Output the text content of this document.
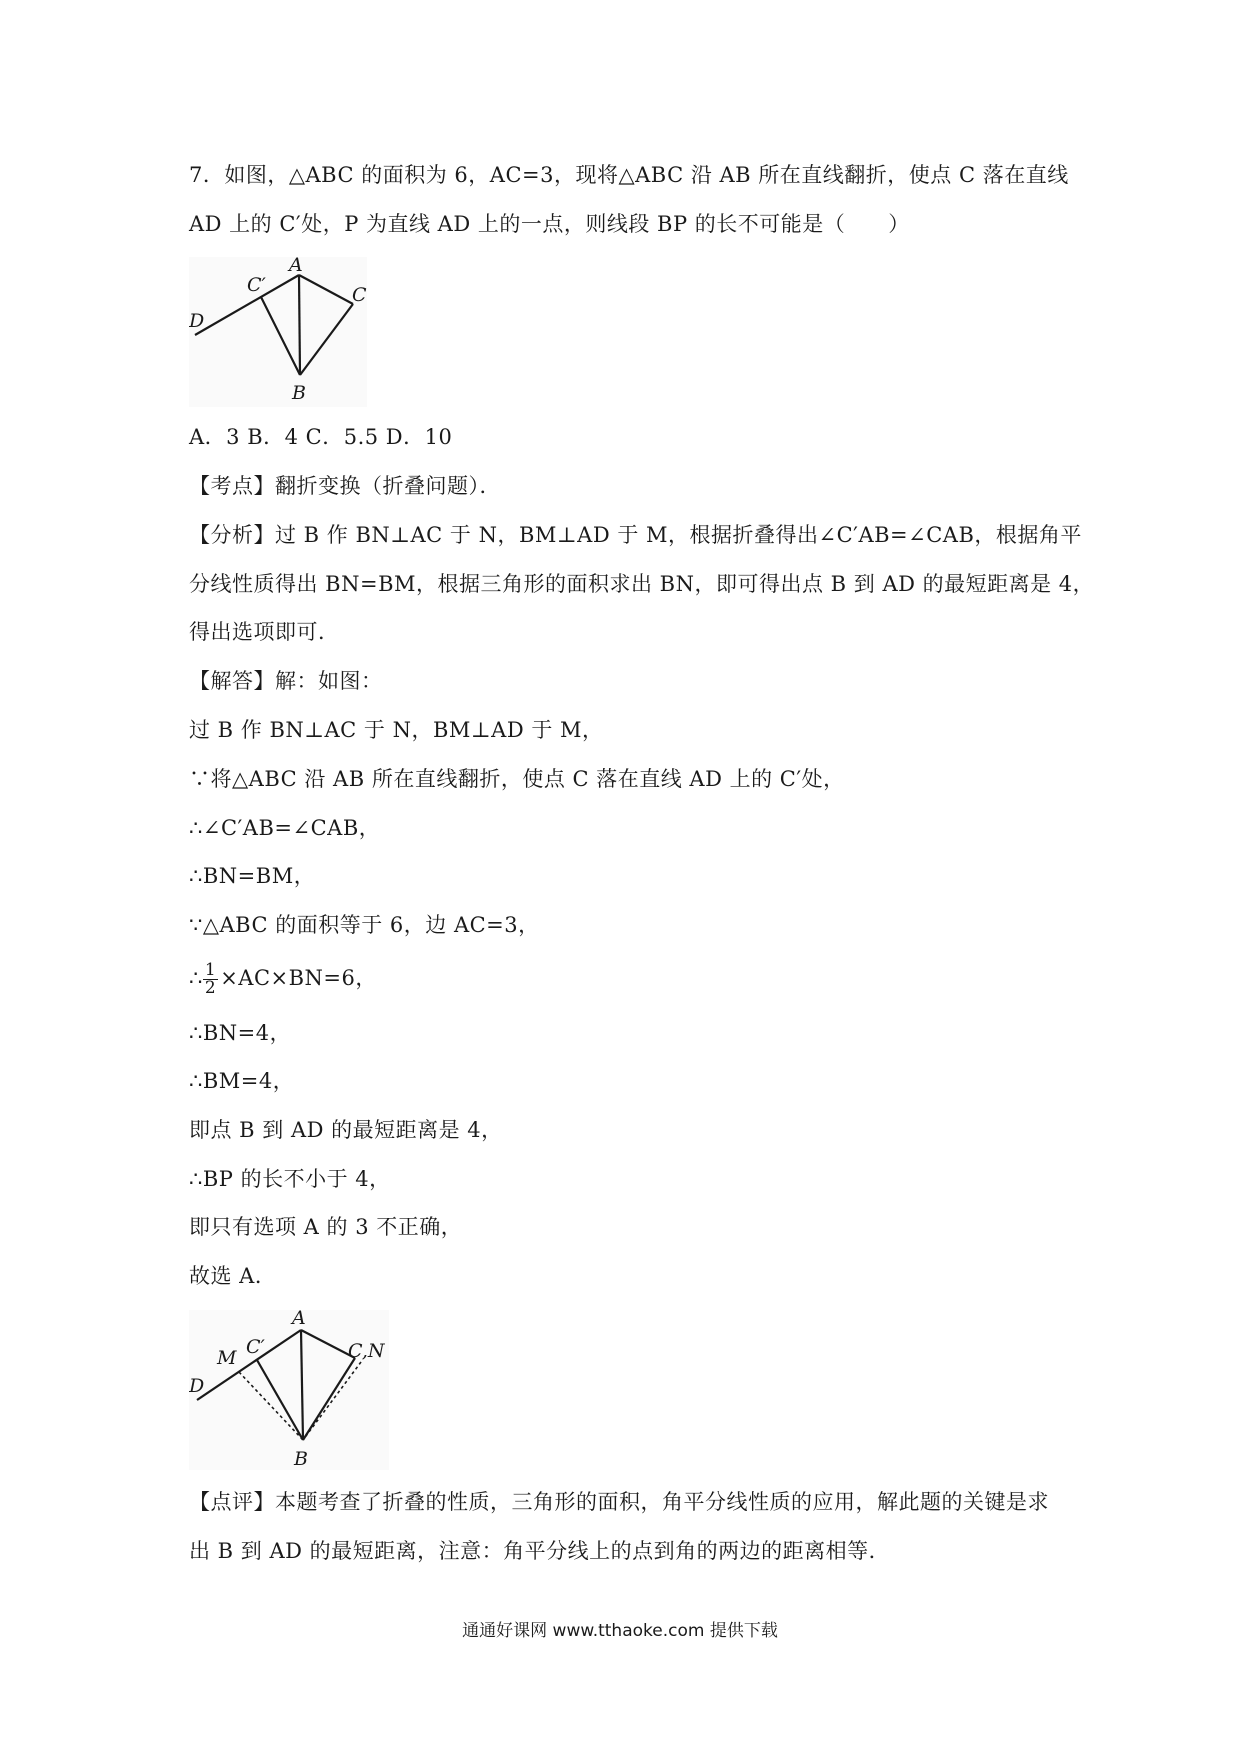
7．如图，△ABC 的面积为 6，AC=3，现将△ABC 沿 AB 所在直线翻折，使点 C 落在直线
AD 上的 C′处，P 为直线 AD 上的一点，则线段 BP 的长不可能是（　　）
A
C′	C
D
B
A．3 B．4 C．5.5 D．10
【考点】翻折变换（折叠问题）．
【分析】过 B 作 BN⊥AC 于 N，BM⊥AD 于 M，根据折叠得出∠C′AB=∠CAB，根据角平
分线性质得出 BN=BM，根据三角形的面积求出 BN，即可得出点 B 到 AD 的最短距离是 4，
得出选项即可．
【解答】解：如图：
过 B 作 BN⊥AC 于 N，BM⊥AD 于 M，
∵将△ABC 沿 AB 所在直线翻折，使点 C 落在直线 AD 上的 C′处，
∴∠C′AB=∠CAB，
∴BN=BM，
∵△ABC 的面积等于 6，边 AC=3，
∴ $\frac{1}{2} \times AC\times BN=6$，
∴BN=4，
∴BM=4，
即点 B 到 AD 的最短距离是 4，
∴BP 的长不小于 4，
即只有选项 A 的 3 不正确，
故选 A．
A
C′
M	C,N
D
B
【点评】本题考查了折叠的性质，三角形的面积，角平分线性质的应用，解此题的关键是求
出 B 到 AD 的最短距离，注意：角平分线上的点到角的两边的距离相等．
通通好课网 www.tthaoke.com 提供下载
